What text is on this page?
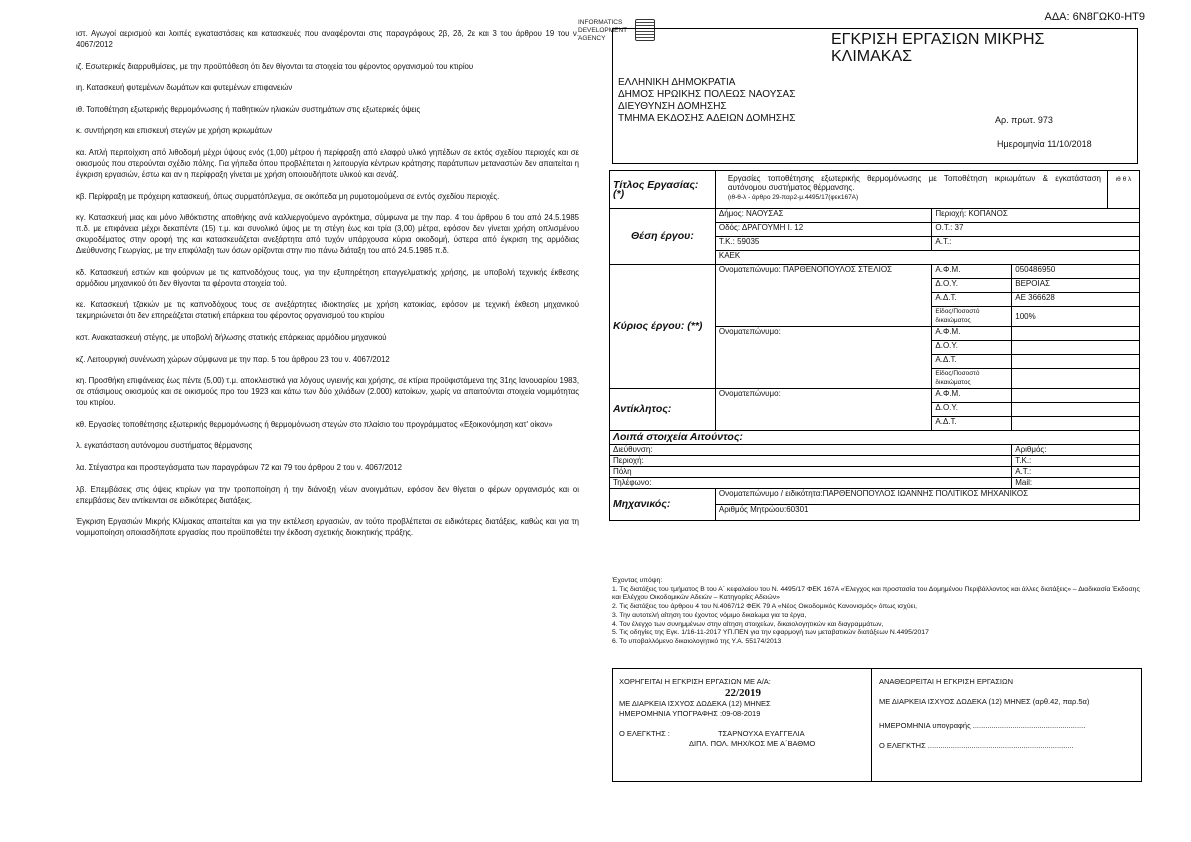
ΑΔΑ: 6Ν8ΓΩΚ0-ΗΤ9

ιστ. Αγωγοί αερισμού και λοιπές εγκαταστάσεις και κατασκευές που αναφέρονται στις παραγράφους 2β, 2δ, 2ε και 3 του άρθρου 19 του ν. 4067/2012

ιζ. Εσωτερικές διαρρυθμίσεις, με την προϋπόθεση ότι δεν θίγονται τα στοιχεία του φέροντος οργανισμού του κτιρίου

ιη. Κατασκευή φυτεμένων δωμάτων και φυτεμένων επιφανειών

ιθ. Τοποθέτηση εξωτερικής θερμομόνωσης ή παθητικών ηλιακών συστημάτων στις εξωτερικές όψεις

κ. συντήρηση και επισκευή στεγών με χρήση ικριωμάτων

κα. Απλή περιτοίχιση από λιθοδομή μέχρι ύψους ενός (1,00) μέτρου ή περίφραξη από ελαφρύ υλικό γηπέδων σε εκτός σχεδίου περιοχές και σε οικισμούς που στερούνται σχέδιο πόλης. Για γήπεδα όπου προβλέπεται η λειτουργία κέντρων κράτησης παράτυπων μεταναστών δεν απαιτείται η έγκριση εργασιών, έστω και αν η περίφραξη γίνεται με χρήση οποιουδήποτε υλικού και σενάζ.

κβ. Περίφραξη με πρόχειρη κατασκευή, όπως συρματόπλεγμα, σε οικόπεδα μη ρυμοτομούμενα σε εντός σχεδίου περιοχές.

κγ. Κατασκευή μιας και μόνο λιθόκτιστης αποθήκης ανά καλλιεργούμενο αγρόκτημα, σύμφωνα με την παρ. 4 του άρθρου 6 του από 24.5.1985 π.δ. με επιφάνεια μέχρι δεκαπέντε (15) τ.μ. και συνολικό ύψος με τη στέγη έως και τρία (3,00) μέτρα, εφόσον δεν γίνεται χρήση οπλισμένου σκυροδέματος στην οροφή της και κατασκευάζεται ανεξάρτητα από τυχόν υπάρχουσα κύρια οικοδομή, ύστερα από έγκριση της αρμόδιας Διεύθυνσης Γεωργίας, με την επιφύλαξη των όσων ορίζονται στην πιο πάνω διάταξη του από 24.5.1985 π.δ.

κδ. Κατασκευή εστιών και φούρνων με τις καπνοδόχους τους, για την εξυπηρέτηση επαγγελματικής χρήσης, με υποβολή τεχνικής έκθεσης αρμόδιου μηχανικού ότι δεν θίγονται τα φέροντα στοιχεία τού.

κε. Κατασκευή τζακιών με τις καπνοδόχους τους σε ανεξάρτητες ιδιοκτησίες με χρήση κατοικίας, εφόσον με τεχνική έκθεση μηχανικού τεκμηριώνεται ότι δεν επηρεάζεται στατική επάρκεια του φέροντος οργανισμού του κτιρίου

κστ. Ανακατασκευή στέγης, με υποβολή δήλωσης στατικής επάρκειας αρμόδιου μηχανικού

κζ. Λειτουργική συνένωση χώρων σύμφωνα με την παρ. 5 του άρθρου 23 του ν. 4067/2012

κη. Προσθήκη επιφάνειας έως πέντε (5,00) τ.μ. αποκλειστικά για λόγους υγιεινής και χρήσης, σε κτίρια προϋφιστάμενα της 31ης Ιανουαρίου 1983, σε στάσιμους οικισμούς και σε οικισμούς προ του 1923 και κάτω των δύο χιλιάδων (2.000) κατοίκων, χωρίς να απαιτούνται στοιχεία νομιμότητας του κτιρίου.

κθ. Εργασίες τοποθέτησης εξωτερικής θερμομόνωσης ή θερμομόνωση στεγών στο πλαίσιο του προγράμματος «Εξοικονόμηση κατ' οίκον»

λ. εγκατάσταση αυτόνομου συστήματος θέρμανσης

λα. Στέγαστρα και προστεγάσματα των παραγράφων 72 και 79 του άρθρου 2 του ν. 4067/2012

λβ. Επεμβάσεις στις όψεις κτιρίων για την τροποποίηση ή την διάνοιξη νέων ανοιγμάτων, εφόσον δεν θίγεται ο φέρων οργανισμός και οι επεμβάσεις δεν αντίκεινται σε ειδικότερες διατάξεις.

Έγκριση Εργασιών Μικρής Κλίμακας απαιτείται και για την εκτέλεση εργασιών, αν τούτο προβλέπεται σε ειδικότερες διατάξεις, καθώς και για τη νομιμοποίηση οποιασδήποτε εργασίας που προϋποθέτει την έκδοση σχετικής διοικητικής πράξης.

INFORMATICS
DEVELOPMENT
AGENCY	ΕΓΚΡΙΣΗ ΕΡΓΑΣΙΩΝ ΜΙΚΡΗΣ ΚΛΙΜΑΚΑΣ
ΕΛΛΗΝΙΚΗ ΔΗΜΟΚΡΑΤΙΑ
ΔΗΜΟΣ ΗΡΩΙΚΗΣ ΠΟΛΕΩΣ ΝΑΟΥΣΑΣ
ΔΙΕΥΘΥΝΣΗ ΔΟΜΗΣΗΣ
ΤΜΗΜΑ ΕΚΔΟΣΗΣ ΑΔΕΙΩΝ ΔΟΜΗΣΗΣ	Αρ. πρωτ. 973
Ημερομηνία 11/10/2018
Τίτλος Εργασίας: (*)	Εργασίες τοποθέτησης εξωτερικής θερμομόνωσης με Τοποθέτηση ικριωμάτων & εγκατάσταση αυτόνομου συστήματος θέρμανσης.
(ιθ-θ-λ - άρθρο 29-παρ2-μ.4495/17(φεκ167Α)			ιθ θ λ
Θέση έργου:	Δήμος: ΝΑΟΥΣΑΣ	Περιοχή: ΚΟΠΑΝΟΣ		
	Οδός: ΔΡΑΓΟΥΜΗ Ι. 12	Ο.Τ.: 37		
	Τ.Κ.: 59035	Α.Τ.:		
	ΚΑΕΚ			
Κύριος έργου: (**)	Ονοματεπώνυμο: ΠΑΡΘΕΝΟΠΟΥΛΟΣ ΣΤΕΛΙΟΣ	Α.Φ.Μ.	050486950	
		Δ.Ο.Υ.	ΒΕΡΟΙΑΣ	
		Α.Δ.Τ.	ΑΕ 366628	
		Είδος/Ποσοστό δικαιώματος	100%	
	Ονοματεπώνυμο:	Α.Φ.Μ.		
		Δ.Ο.Υ.		
		Α.Δ.Τ.		
		Είδος/Ποσοστό δικαιώματος		
Αντίκλητος:	Ονοματεπώνυμο:	Α.Φ.Μ.		
		Δ.Ο.Υ.		
		Α.Δ.Τ.		
Λοιπά στοιχεία Αιτούντος:				
Διεύθυνση:			Αριθμός:	
Περιοχή:			Τ.Κ.:	
Πόλη			Α.Τ.:	
Τηλέφωνο:			Mail:	
Μηχανικός:	Ονοματεπώνυμο / ειδικότητα:ΠΑΡΘΕΝΟΠΟΥΛΟΣ ΙΩΑΝΝΗΣ ΠΟΛΙΤΙΚΟΣ ΜΗΧΑΝΙΚΟΣ			
	Αριθμός Μητρώου:60301			
Έχοντας υπόψη:
1. Τις διατάξεις του τμήματος Β του Α΄ κεφαλαίου του Ν. 4495/17 ΦΕΚ 167Α «Έλεγχος και προστασία του Δομημένου Περιβάλλοντος και άλλες διατάξεις» – Διαδικασία Έκδοσης και Ελέγχου Οικοδομικών Αδειών – Κατηγορίες Αδειών»
2. Τις διατάξεις του άρθρου 4 του Ν.4067/12 ΦΕΚ 79 Α «Νέος Οικοδομικός Κανονισμός» όπως ισχύει,
3. Την αυτοτελή αίτηση του έχοντος νόμιμο δικαίωμα για τα έργα,
4. Τον έλεγχο των συνημμένων στην αίτηση στοιχείων, δικαιολογητικών και διαγραμμάτων,
5. Τις οδηγίες της Εγκ. 1/16-11-2017 ΥΠ.ΠΕΝ για την εφαρμογή των μεταβατικών διατάξεων Ν.4495/2017
6. Το υποβαλλόμενο δικαιολογητικό της Υ.Α. 55174/2013
ΧΟΡΗΓΕΙΤΑΙ Η ΕΓΚΡΙΣΗ ΕΡΓΑΣΙΩΝ ΜΕ Α/Α:
22/2019
ΜΕ ΔΙΑΡΚΕΙΑ ΙΣΧΥΟΣ ΔΩΔΕΚΑ (12) ΜΗΝΕΣ
ΗΜΕΡΟΜΗΝΙΑ ΥΠΟΓΡΑΦΗΣ :09-08-2019
Ο ΕΛΕΓΚΤΗΣ :	ΤΣΑΡΝΟΥΧΑ ΕΥΑΓΓΕΛΙΑ
ΔΙΠΛ. ΠΟΛ. ΜΗΧ/ΚΟΣ ΜΕ Α΄ΒΑΘΜΟ
ΑΝΑΘΕΩΡΕΙΤΑΙ Η ΕΓΚΡΙΣΗ ΕΡΓΑΣΙΩΝ
ΜΕ ΔΙΑΡΚΕΙΑ ΙΣΧΥΟΣ ΔΩΔΕΚΑ (12) ΜΗΝΕΣ (αρθ.42, παρ.5α)
ΗΜΕΡΟΜΗΝΙΑ υπογραφής ......................................................
Ο ΕΛΕΓΚΤΗΣ ......................................................................
